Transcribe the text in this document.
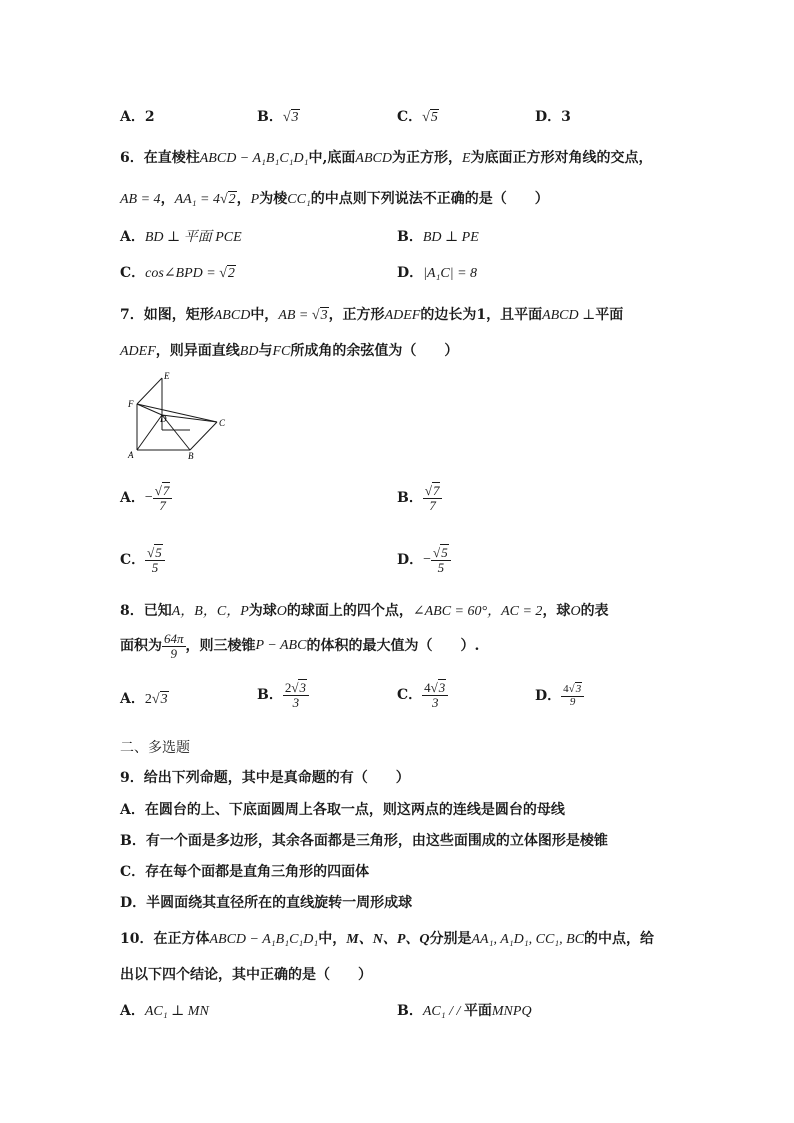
A．2	B．√3	C．√5	D．3
6．在直棱柱ABCD − A₁B₁C₁D₁中,底面ABCD为正方形，E为底面正方形对角线的交点，
AB = 4，AA₁ = 4√2，P为棱CC₁的中点则下列说法不正确的是（　　）
A．BD ⊥ 平面 PCE	B．BD ⊥ PE
C．cos∠BPD = √2	D．|A₁C| = 8
7．如图，矩形ABCD中，AB = √3，正方形ADEF的边长为1，且平面ABCD ⊥平面
ADEF，则异面直线BD与FC所成角的余弦值为（　　）
E
F
D	C
A	B
A．− $\frac{√7}{7}$	B． $\frac{√7}{7}$
C． $\frac{√5}{5}$	D．− $\frac{√5}{5}$
8．已知A，B，C，P为球O的球面上的四个点，∠ABC = 60°，AC = 2，球O的表
面积为 $\frac{64\pi}{9}$ ，则三棱锥P − ABC的体积的最大值为（　　）.
A．2√3	B． $\frac{2√3}{3}$	C． $\frac{4√3}{3}$	D． $\frac{4√3}{9}$
二、多选题
9．给出下列命题，其中是真命题的有（　　）
A．在圆台的上、下底面圆周上各取一点，则这两点的连线是圆台的母线
B．有一个面是多边形，其余各面都是三角形，由这些面围成的立体图形是棱锥
C．存在每个面都是直角三角形的四面体
D．半圆面绕其直径所在的直线旋转一周形成球
10．在正方体ABCD − A₁B₁C₁D₁中，M、N、P、Q分别是AA₁, A₁D₁, CC₁, BC的中点，给
出以下四个结论，其中正确的是（　　）
A．AC₁ ⊥ MN	B．AC₁ / / 平面MNPQ
